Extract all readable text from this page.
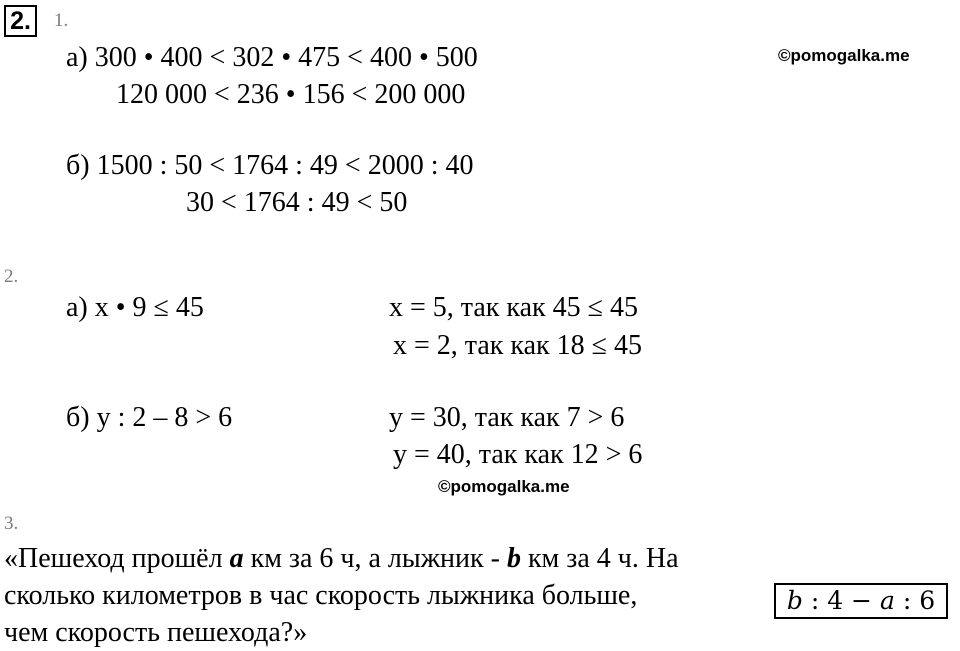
2.	1.
а) 300 • 400 < 302 • 475 < 400 • 500
120 000 < 236 • 156 < 200 000
б) 1500 : 50 < 1764 : 49 < 2000 : 40
30 < 1764 : 49 < 50
©pomogalka.me
2.
а) x • 9 ≤ 45	x = 5, так как 45 ≤ 45
x = 2, так как 18 ≤ 45
б) y : 2 – 8 > 6	y = 30, так как 7 > 6
y = 40, так как 12 > 6
©pomogalka.me
3.
«Пешеход прошёл a км за 6 ч, а лыжник - b км за 4 ч. На сколько километров в час скорость лыжника больше, чем скорость пешехода?»
b : 4 − a : 6
